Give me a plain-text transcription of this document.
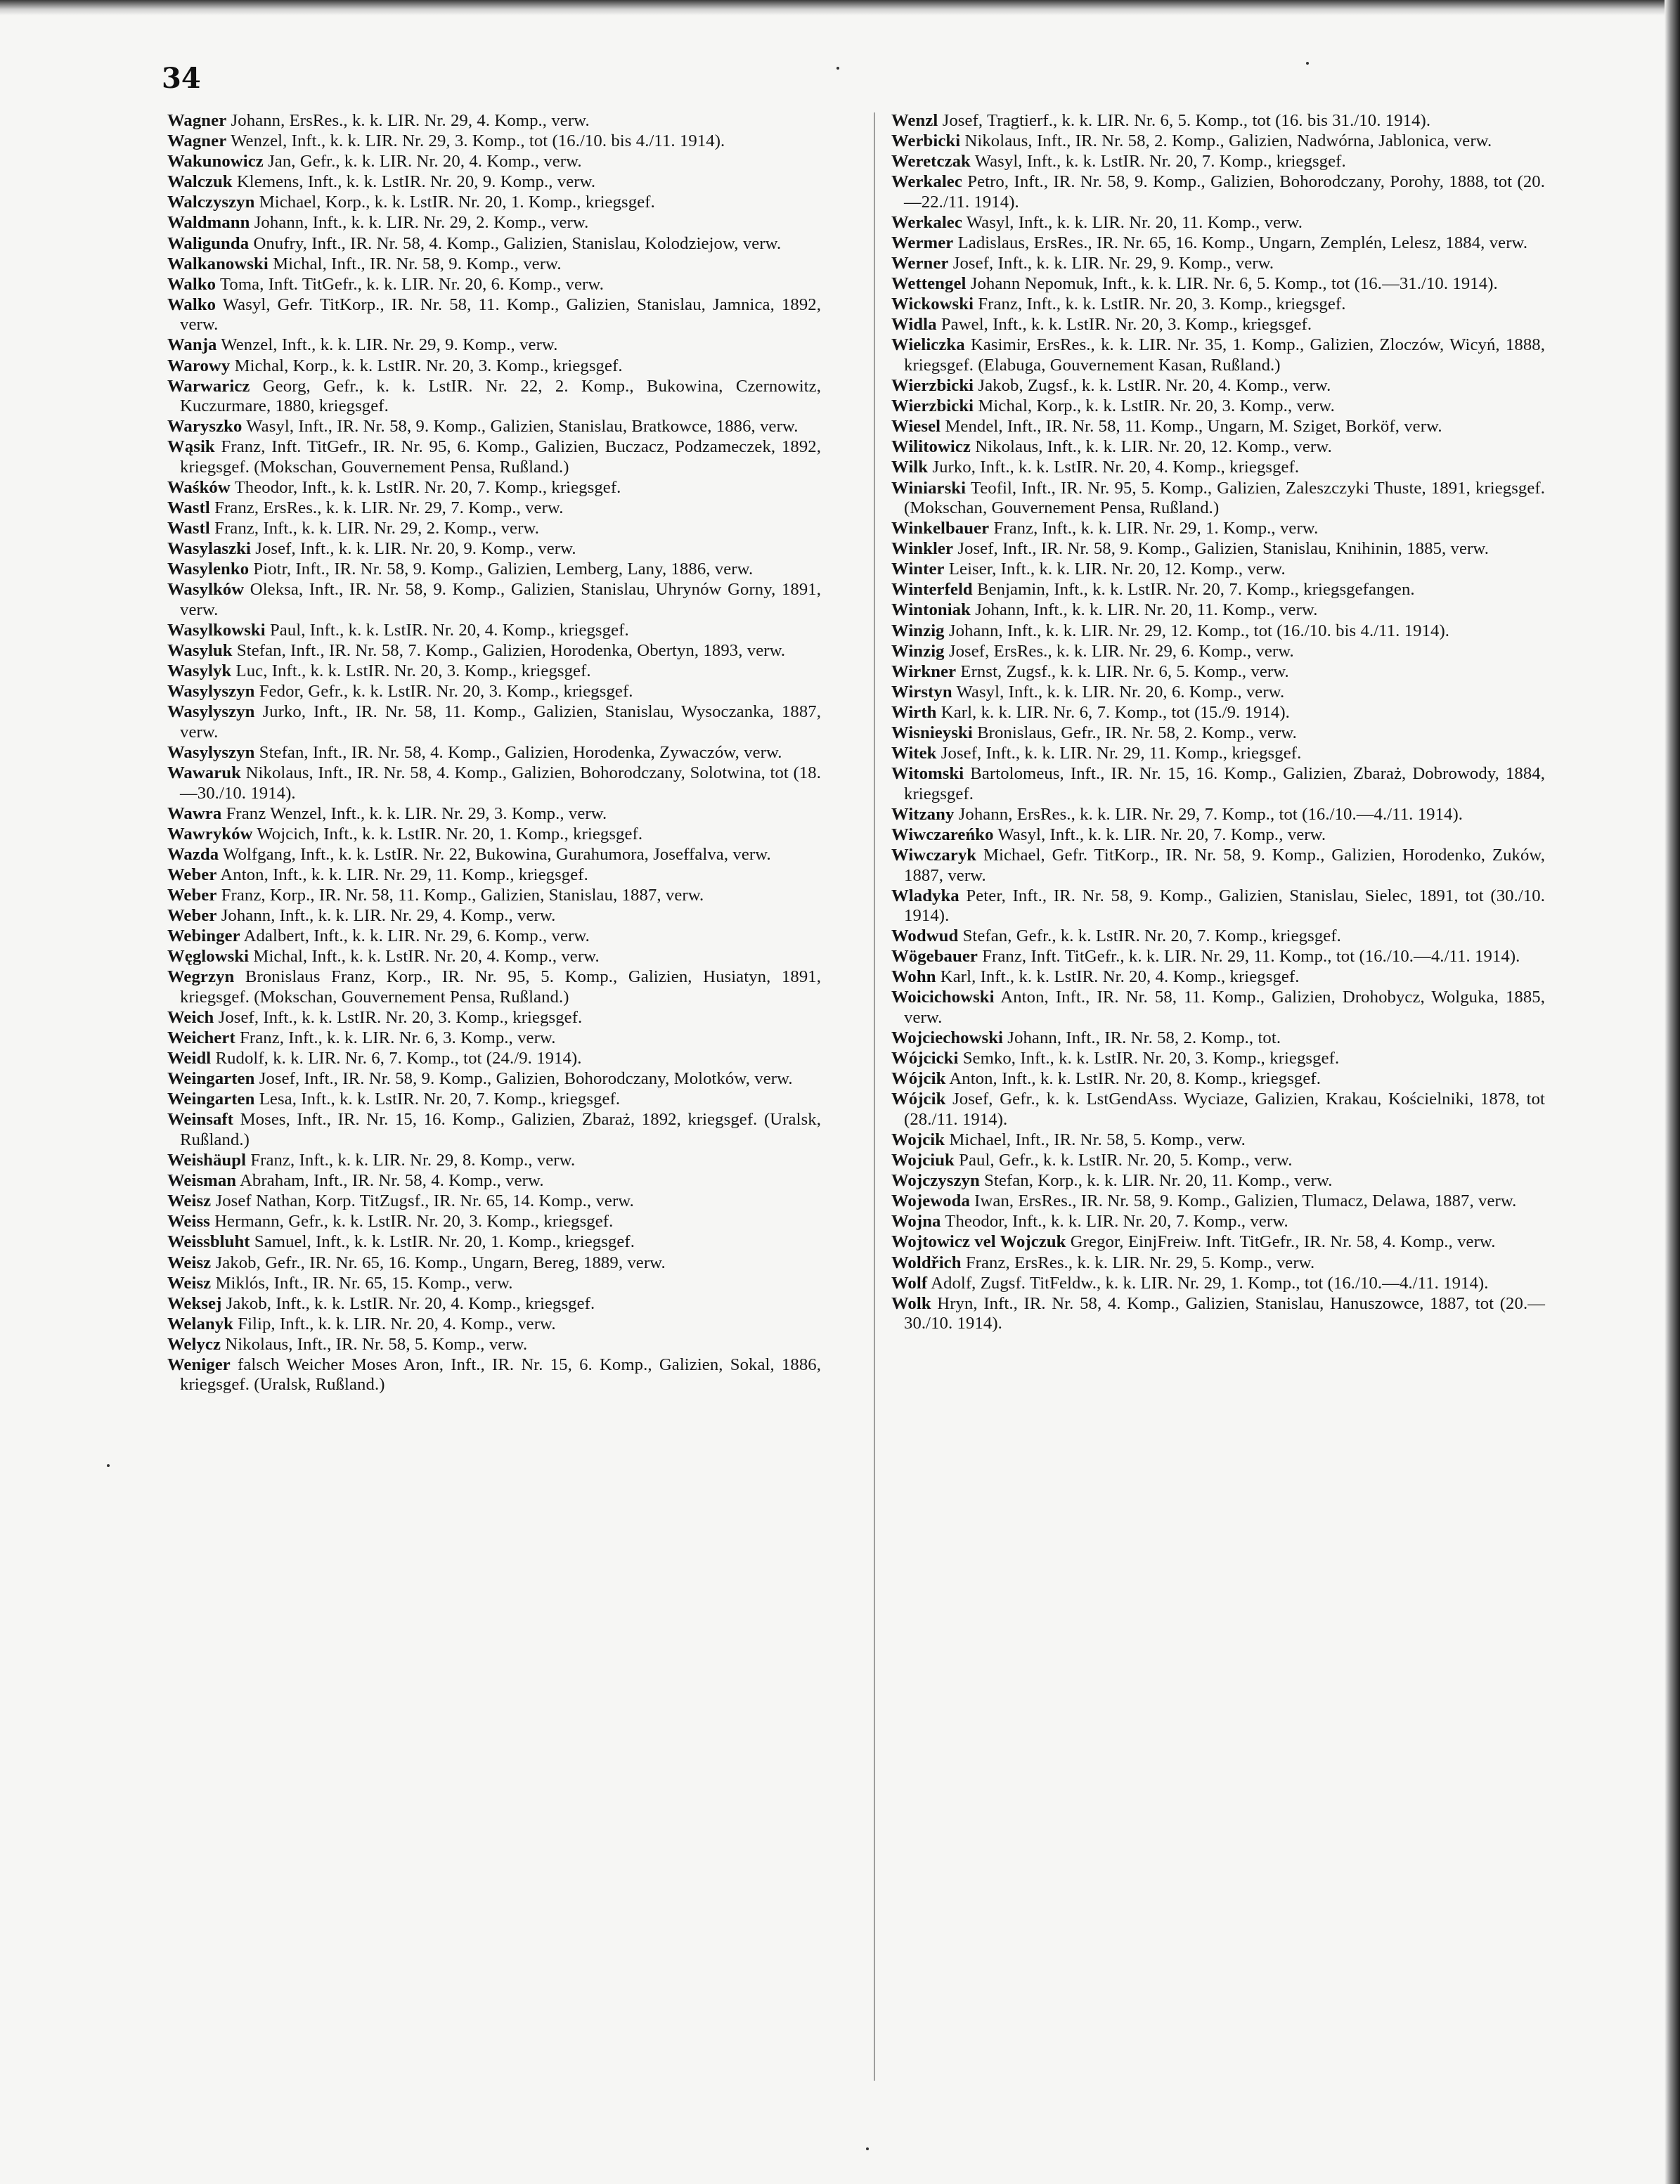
34
Wagner Johann, ErsRes., k. k. LIR. Nr. 29, 4. Komp., verw.
Wagner Wenzel, Inft., k. k. LIR. Nr. 29, 3. Komp., tot (16./10. bis 4./11. 1914).
Wakunowicz Jan, Gefr., k. k. LIR. Nr. 20, 4. Komp., verw.
Walczuk Klemens, Inft., k. k. LstIR. Nr. 20, 9. Komp., verw.
Walczyszyn Michael, Korp., k. k. LstIR. Nr. 20, 1. Komp., kriegsgef.
Waldmann Johann, Inft., k. k. LIR. Nr. 29, 2. Komp., verw.
Waligunda Onufry, Inft., IR. Nr. 58, 4. Komp., Galizien, Stanislau, Kolodziejow, verw.
Walkanowski Michal, Inft., IR. Nr. 58, 9. Komp., verw.
Walko Toma, Inft. TitGefr., k. k. LIR. Nr. 20, 6. Komp., verw.
Walko Wasyl, Gefr. TitKorp., IR. Nr. 58, 11. Komp., Galizien, Stanislau, Jamnica, 1892, verw.
Wanja Wenzel, Inft., k. k. LIR. Nr. 29, 9. Komp., verw.
Warowy Michal, Korp., k. k. LstIR. Nr. 20, 3. Komp., kriegsgef.
Warwaricz Georg, Gefr., k. k. LstIR. Nr. 22, 2. Komp., Bukowina, Czernowitz, Kuczurmare, 1880, kriegsgef.
Waryszko Wasyl, Inft., IR. Nr. 58, 9. Komp., Galizien, Stanislau, Bratkowce, 1886, verw.
Wąsik Franz, Inft. TitGefr., IR. Nr. 95, 6. Komp., Galizien, Buczacz, Podzameczek, 1892, kriegsgef. (Mokschan, Gouvernement Pensa, Rußland.)
Waśków Theodor, Inft., k. k. LstIR. Nr. 20, 7. Komp., kriegsgef.
Wastl Franz, ErsRes., k. k. LIR. Nr. 29, 7. Komp., verw.
Wastl Franz, Inft., k. k. LIR. Nr. 29, 2. Komp., verw.
Wasylaszki Josef, Inft., k. k. LIR. Nr. 20, 9. Komp., verw.
Wasylenko Piotr, Inft., IR. Nr. 58, 9. Komp., Galizien, Lemberg, Lany, 1886, verw.
Wasylków Oleksa, Inft., IR. Nr. 58, 9. Komp., Galizien, Stanislau, Uhrynów Gorny, 1891, verw.
Wasylkowski Paul, Inft., k. k. LstIR. Nr. 20, 4. Komp., kriegsgef.
Wasyluk Stefan, Inft., IR. Nr. 58, 7. Komp., Galizien, Horodenka, Obertyn, 1893, verw.
Wasylyk Luc, Inft., k. k. LstIR. Nr. 20, 3. Komp., kriegsgef.
Wasylyszyn Fedor, Gefr., k. k. LstIR. Nr. 20, 3. Komp., kriegsgef.
Wasylyszyn Jurko, Inft., IR. Nr. 58, 11. Komp., Galizien, Stanislau, Wysoczanka, 1887, verw.
Wasylyszyn Stefan, Inft., IR. Nr. 58, 4. Komp., Galizien, Horodenka, Zywaczów, verw.
Wawaruk Nikolaus, Inft., IR. Nr. 58, 4. Komp., Galizien, Bohorodczany, Solotwina, tot (18.—30./10. 1914).
Wawra Franz Wenzel, Inft., k. k. LIR. Nr. 29, 3. Komp., verw.
Wawryków Wojcich, Inft., k. k. LstIR. Nr. 20, 1. Komp., kriegsgef.
Wazda Wolfgang, Inft., k. k. LstIR. Nr. 22, Bukowina, Gurahumora, Joseffalva, verw.
Weber Anton, Inft., k. k. LIR. Nr. 29, 11. Komp., kriegsgef.
Weber Franz, Korp., IR. Nr. 58, 11. Komp., Galizien, Stanislau, 1887, verw.
Weber Johann, Inft., k. k. LIR. Nr. 29, 4. Komp., verw.
Webinger Adalbert, Inft., k. k. LIR. Nr. 29, 6. Komp., verw.
Węglowski Michal, Inft., k. k. LstIR. Nr. 20, 4. Komp., verw.
Wegrzyn Bronislaus Franz, Korp., IR. Nr. 95, 5. Komp., Galizien, Husiatyn, 1891, kriegsgef. (Mokschan, Gouvernement Pensa, Rußland.)
Weich Josef, Inft., k. k. LstIR. Nr. 20, 3. Komp., kriegsgef.
Weichert Franz, Inft., k. k. LIR. Nr. 6, 3. Komp., verw.
Weidl Rudolf, k. k. LIR. Nr. 6, 7. Komp., tot (24./9. 1914).
Weingarten Josef, Inft., IR. Nr. 58, 9. Komp., Galizien, Bohorodczany, Molotków, verw.
Weingarten Lesa, Inft., k. k. LstIR. Nr. 20, 7. Komp., kriegsgef.
Weinsaft Moses, Inft., IR. Nr. 15, 16. Komp., Galizien, Zbaraż, 1892, kriegsgef. (Uralsk, Rußland.)
Weishäupl Franz, Inft., k. k. LIR. Nr. 29, 8. Komp., verw.
Weisman Abraham, Inft., IR. Nr. 58, 4. Komp., verw.
Weisz Josef Nathan, Korp. TitZugsf., IR. Nr. 65, 14. Komp., verw.
Weiss Hermann, Gefr., k. k. LstIR. Nr. 20, 3. Komp., kriegsgef.
Weissbluht Samuel, Inft., k. k. LstIR. Nr. 20, 1. Komp., kriegsgef.
Weisz Jakob, Gefr., IR. Nr. 65, 16. Komp., Ungarn, Bereg, 1889, verw.
Weisz Miklós, Inft., IR. Nr. 65, 15. Komp., verw.
Weksej Jakob, Inft., k. k. LstIR. Nr. 20, 4. Komp., kriegsgef.
Welanyk Filip, Inft., k. k. LIR. Nr. 20, 4. Komp., verw.
Welycz Nikolaus, Inft., IR. Nr. 58, 5. Komp., verw.
Weniger falsch Weicher Moses Aron, Inft., IR. Nr. 15, 6. Komp., Galizien, Sokal, 1886, kriegsgef. (Uralsk, Rußland.)
Wenzl Josef, Tragtierf., k. k. LIR. Nr. 6, 5. Komp., tot (16. bis 31./10. 1914).
Werbicki Nikolaus, Inft., IR. Nr. 58, 2. Komp., Galizien, Nadwórna, Jablonica, verw.
Weretczak Wasyl, Inft., k. k. LstIR. Nr. 20, 7. Komp., kriegsgef.
Werkalec Petro, Inft., IR. Nr. 58, 9. Komp., Galizien, Bohorodczany, Porohy, 1888, tot (20.—22./11. 1914).
Werkalec Wasyl, Inft., k. k. LIR. Nr. 20, 11. Komp., verw.
Wermer Ladislaus, ErsRes., IR. Nr. 65, 16. Komp., Ungarn, Zemplén, Lelesz, 1884, verw.
Werner Josef, Inft., k. k. LIR. Nr. 29, 9. Komp., verw.
Wettengel Johann Nepomuk, Inft., k. k. LIR. Nr. 6, 5. Komp., tot (16.—31./10. 1914).
Wickowski Franz, Inft., k. k. LstIR. Nr. 20, 3. Komp., kriegsgef.
Widla Pawel, Inft., k. k. LstIR. Nr. 20, 3. Komp., kriegsgef.
Wieliczka Kasimir, ErsRes., k. k. LIR. Nr. 35, 1. Komp., Galizien, Zloczów, Wicyń, 1888, kriegsgef. (Elabuga, Gouvernement Kasan, Rußland.)
Wierzbicki Jakob, Zugsf., k. k. LstIR. Nr. 20, 4. Komp., verw.
Wierzbicki Michal, Korp., k. k. LstIR. Nr. 20, 3. Komp., verw.
Wiesel Mendel, Inft., IR. Nr. 58, 11. Komp., Ungarn, M. Sziget, Borköf, verw.
Wilitowicz Nikolaus, Inft., k. k. LIR. Nr. 20, 12. Komp., verw.
Wilk Jurko, Inft., k. k. LstIR. Nr. 20, 4. Komp., kriegsgef.
Winiarski Teofil, Inft., IR. Nr. 95, 5. Komp., Galizien, Zaleszczyki Thuste, 1891, kriegsgef. (Mokschan, Gouvernement Pensa, Rußland.)
Winkelbauer Franz, Inft., k. k. LIR. Nr. 29, 1. Komp., verw.
Winkler Josef, Inft., IR. Nr. 58, 9. Komp., Galizien, Stanislau, Knihinin, 1885, verw.
Winter Leiser, Inft., k. k. LIR. Nr. 20, 12. Komp., verw.
Winterfeld Benjamin, Inft., k. k. LstIR. Nr. 20, 7. Komp., kriegsgefangen.
Wintoniak Johann, Inft., k. k. LIR. Nr. 20, 11. Komp., verw.
Winzig Johann, Inft., k. k. LIR. Nr. 29, 12. Komp., tot (16./10. bis 4./11. 1914).
Winzig Josef, ErsRes., k. k. LIR. Nr. 29, 6. Komp., verw.
Wirkner Ernst, Zugsf., k. k. LIR. Nr. 6, 5. Komp., verw.
Wirstyn Wasyl, Inft., k. k. LIR. Nr. 20, 6. Komp., verw.
Wirth Karl, k. k. LIR. Nr. 6, 7. Komp., tot (15./9. 1914).
Wisnieyski Bronislaus, Gefr., IR. Nr. 58, 2. Komp., verw.
Witek Josef, Inft., k. k. LIR. Nr. 29, 11. Komp., kriegsgef.
Witomski Bartolomeus, Inft., IR. Nr. 15, 16. Komp., Galizien, Zbaraż, Dobrowody, 1884, kriegsgef.
Witzany Johann, ErsRes., k. k. LIR. Nr. 29, 7. Komp., tot (16./10.—4./11. 1914).
Wiwczareńko Wasyl, Inft., k. k. LIR. Nr. 20, 7. Komp., verw.
Wiwczaryk Michael, Gefr. TitKorp., IR. Nr. 58, 9. Komp., Galizien, Horodenko, Zuków, 1887, verw.
Wladyka Peter, Inft., IR. Nr. 58, 9. Komp., Galizien, Stanislau, Sielec, 1891, tot (30./10. 1914).
Wodwud Stefan, Gefr., k. k. LstIR. Nr. 20, 7. Komp., kriegsgef.
Wögebauer Franz, Inft. TitGefr., k. k. LIR. Nr. 29, 11. Komp., tot (16./10.—4./11. 1914).
Wohn Karl, Inft., k. k. LstIR. Nr. 20, 4. Komp., kriegsgef.
Woicichowski Anton, Inft., IR. Nr. 58, 11. Komp., Galizien, Drohobycz, Wolguka, 1885, verw.
Wojciechowski Johann, Inft., IR. Nr. 58, 2. Komp., tot.
Wójcicki Semko, Inft., k. k. LstIR. Nr. 20, 3. Komp., kriegsgef.
Wójcik Anton, Inft., k. k. LstIR. Nr. 20, 8. Komp., kriegsgef.
Wójcik Josef, Gefr., k. k. LstGendAss. Wyciaze, Galizien, Krakau, Kościelniki, 1878, tot (28./11. 1914).
Wojcik Michael, Inft., IR. Nr. 58, 5. Komp., verw.
Wojciuk Paul, Gefr., k. k. LstIR. Nr. 20, 5. Komp., verw.
Wojczyszyn Stefan, Korp., k. k. LIR. Nr. 20, 11. Komp., verw.
Wojewoda Iwan, ErsRes., IR. Nr. 58, 9. Komp., Galizien, Tlumacz, Delawa, 1887, verw.
Wojna Theodor, Inft., k. k. LIR. Nr. 20, 7. Komp., verw.
Wojtowicz vel Wojczuk Gregor, EinjFreiw. Inft. TitGefr., IR. Nr. 58, 4. Komp., verw.
Woldřich Franz, ErsRes., k. k. LIR. Nr. 29, 5. Komp., verw.
Wolf Adolf, Zugsf. TitFeldw., k. k. LIR. Nr. 29, 1. Komp., tot (16./10.—4./11. 1914).
Wolk Hryn, Inft., IR. Nr. 58, 4. Komp., Galizien, Stanislau, Hanuszowce, 1887, tot (20.—30./10. 1914).
